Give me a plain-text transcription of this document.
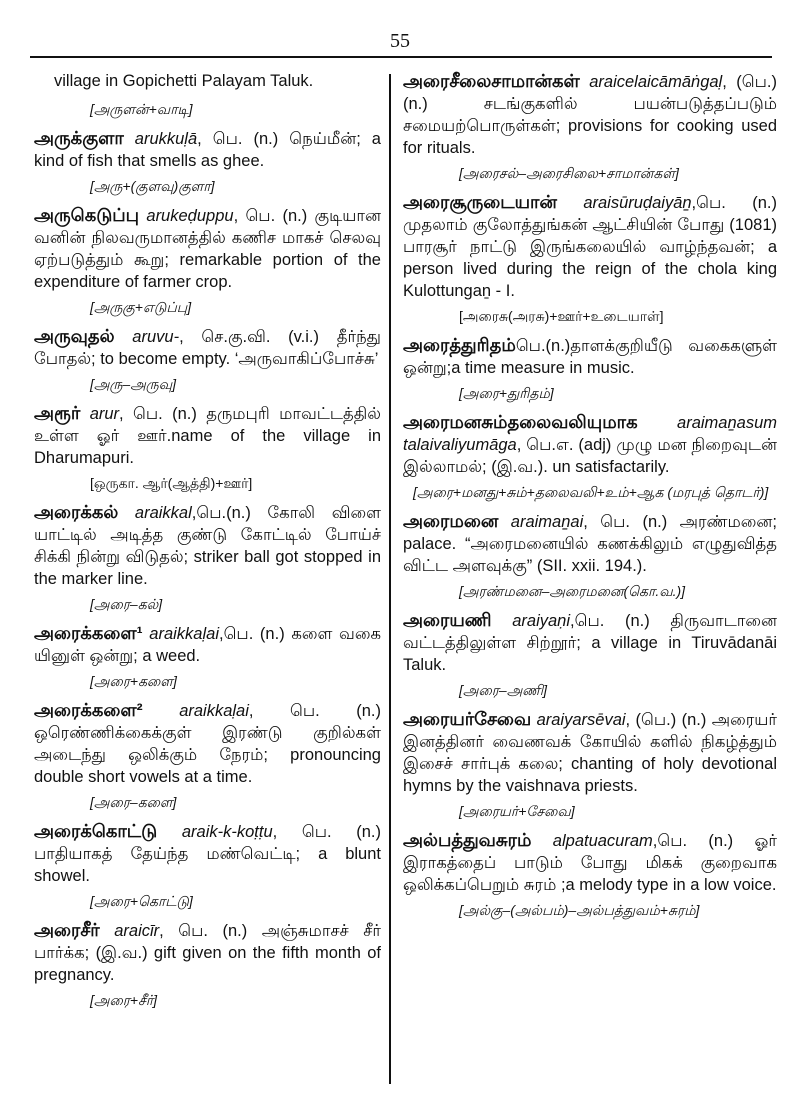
55
village in Gopichetti Palayam Taluk.
[அருளன்+வாடி]
அருக்குளா arukkuḷā, பெ. (n.) நெய்மீன்; a kind of fish that smells as ghee.
[அரு+(குளவு)குளா]
அருகெடுப்பு arukeḍuppu, பெ. (n.) குடியான வனின் நிலவருமானத்தில் கணிச மாகச் செலவு ஏற்படுத்தும் கூறு; remarkable portion of the expenditure of farmer crop.
[அருகு+எடுப்பு]
அருவுதல் aruvu-, செ.கு.வி. (v.i.) தீர்ந்து போதல்; to become empty. ‘அருவாகிப்போச்சு’
[அரு–அருவு]
அரூர் arur, பெ. (n.) தருமபுரி மாவட்டத்தில் உள்ள ஓர் ஊர்.name of the village in Dharumapuri.
[ஒருகா. ஆர்(ஆத்தி)+ஊர்]
அரைக்கல் araikkal,பெ.(n.) கோலி விளை யாட்டில் அடித்த குண்டு கோட்டில் போய்ச் சிக்கி நின்று விடுதல்; striker ball got stopped in the marker line.
[அரை–கல்]
அரைக்களை¹ araikkaḷai,பெ. (n.) களை வகை யினுள் ஒன்று; a weed.
[அரை+களை]
அரைக்களை² araikkaḷai, பெ. (n.) ஒரெண்ணிக்கைக்குள் இரண்டு குறில்கள் அடைந்து ஒலிக்கும் நேரம்; pronouncing double short vowels at a time.
[அரை–களை]
அரைக்கொட்டு araik-k-koṭṭu, பெ. (n.) பாதியாகத் தேய்ந்த மண்வெட்டி; a blunt showel.
[அரை+கொட்டு]
அரைசீர் araicīr, பெ. (n.) அஞ்சுமாசச் சீர் பார்க்க; (இ.வ.) gift given on the fifth month of pregnancy.
[அரை+சீர்]
அரைசீலைசாமான்கள் araicelaicāmāṅgaḷ, (பெ.) (n.) சடங்குகளில் பயன்படுத்தப்படும் சமையற்பொருள்கள்; provisions for cooking used for rituals.
[அரைசல்–அரைசிலை+சாமான்கள்]
அரைசூருடையான் araisūruḍaiyāṉ,பெ. (n.) முதலாம் குலோத்துங்கன் ஆட்சியின் போது (1081) பாரசூர் நாட்டு இருங்கலையில் வாழ்ந்தவன்; a person lived during the reign of the chola king Kulottungaṉ - I.
[அரைசு(அரசு)+ஊர்+உடையாள்]
அரைத்துரிதம்பெ.(n.)தாளக்குறியீடு வகைகளுள் ஒன்று;a time measure in music.
[அரை+துரிதம்]
அரைமனசும்தலைவலியுமாக araimaṉasum talaivaliyumāga, பெ.எ. (adj) முழு மன நிறைவுடன் இல்லாமல்; (இ.வ.). un satisfactarily.
[அரை+மனது+சும்+தலைவலி+உம்+ஆக (மரபுத் தொடர்)]
அரைமனை araimaṉai, பெ. (n.) அரண்மனை; palace. “அரைமனையில் கணக்கிலும் எழுதுவித்த விட்ட அளவுக்கு” (SII. xxii. 194.).
[அரண்மனை–அரைமனை(கொ.வ.)]
அரையணி araiyaṇi,பெ. (n.) திருவாடானை வட்டத்திலுள்ள சிற்றூர்; a village in Tiruvādanāi Taluk.
[அரை–அணி]
அரையர்சேவை araiyarsēvai, (பெ.) (n.) அரையர் இனத்தினர் வைணவக் கோயில் களில் நிகழ்த்தும் இசைச் சார்புக் கலை; chanting of holy devotional hymns by the vaishnava priests.
[அரையர்+சேவை]
அல்பத்துவசுரம் alpatuacuram,பெ. (n.) ஓர் இராகத்தைப் பாடும் போது மிகக் குறைவாக ஒலிக்கப்பெறும் சுரம் ;a melody type in a low voice.
[அல்கு–(அல்பம்)–அல்பத்துவம்+சுரம்]
